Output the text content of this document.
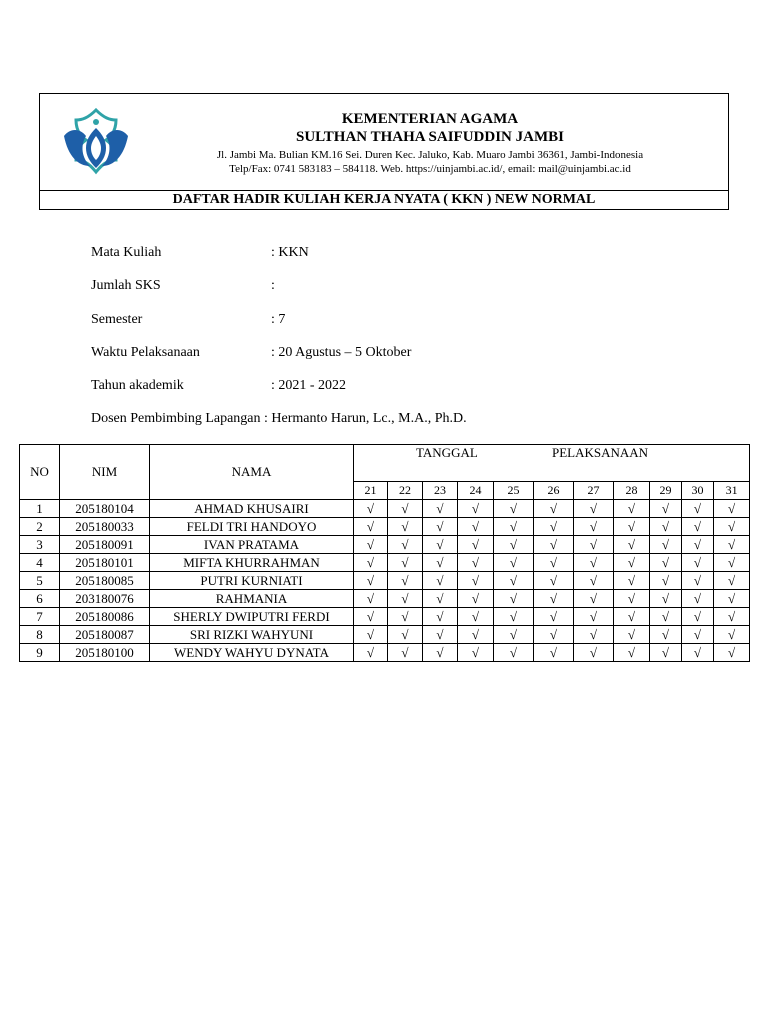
KEMENTERIAN AGAMA
SULTHAN THAHA SAIFUDDIN JAMBI
Jl. Jambi Ma. Bulian KM.16 Sei. Duren Kec. Jaluko, Kab. Muaro Jambi 36361, Jambi-Indonesia
Telp/Fax: 0741 583183 – 584118. Web. https://uinjambi.ac.id/, email: mail@uinjambi.ac.id
DAFTAR HADIR KULIAH KERJA NYATA ( KKN ) NEW NORMAL
Mata Kuliah	: KKN
Jumlah SKS	:
Semester	: 7
Waktu Pelaksanaan	: 20 Agustus – 5 Oktober
Tahun akademik	: 2021 - 2022
Dosen Pembimbing Lapangan : Hermanto Harun, Lc., M.A., Ph.D.
NO	NIM	NAMA	TANGGAL PELAKSANAAN										

			21	22	23	24	25	26	27	28	29	30	31
1	205180104	AHMAD KHUSAIRI	√	√	√	√	√	√	√	√	√	√	√
2	205180033	FELDI TRI HANDOYO	√	√	√	√	√	√	√	√	√	√	√
3	205180091	IVAN PRATAMA	√	√	√	√	√	√	√	√	√	√	√
4	205180101	MIFTA KHURRAHMAN	√	√	√	√	√	√	√	√	√	√	√
5	205180085	PUTRI KURNIATI	√	√	√	√	√	√	√	√	√	√	√
6	203180076	RAHMANIA	√	√	√	√	√	√	√	√	√	√	√
7	205180086	SHERLY DWIPUTRI FERDI	√	√	√	√	√	√	√	√	√	√	√
8	205180087	SRI RIZKI WAHYUNI	√	√	√	√	√	√	√	√	√	√	√
9	205180100	WENDY WAHYU DYNATA	√	√	√	√	√	√	√	√	√	√	√
